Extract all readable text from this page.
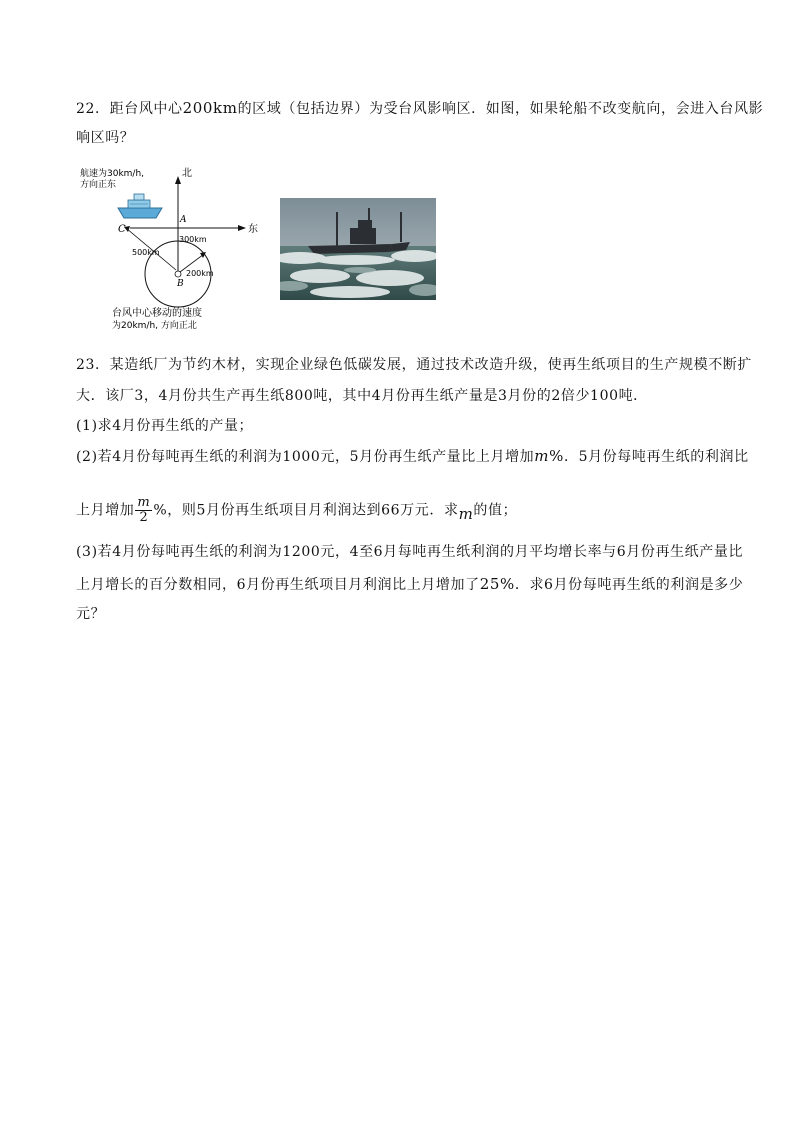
22．距台风中心200km的区域（包括边界）为受台风影响区．如图，如果轮船不改变航向，会进入台风影
响区吗？
航速为30km/h,
方向正东
北
东
A
C
B
300km
500km
200km
台风中心移动的速度
为20km/h, 方向正北
23．某造纸厂为节约木材，实现企业绿色低碳发展，通过技术改造升级，使再生纸项目的生产规模不断扩
大．该厂3，4月份共生产再生纸800吨，其中4月份再生纸产量是3月份的2倍少100吨．
(1)求4月份再生纸的产量；
(2)若4月份每吨再生纸的利润为1000元，5月份再生纸产量比上月增加m%．5月份每吨再生纸的利润比
上月增加 $\frac{m}{2}$ %，则5月份再生纸项目月利润达到66万元．求m的值；
(3)若4月份每吨再生纸的利润为1200元，4至6月每吨再生纸利润的月平均增长率与6月份再生纸产量比
上月增长的百分数相同，6月份再生纸项目月利润比上月增加了25%．求6月份每吨再生纸的利润是多少
元？
